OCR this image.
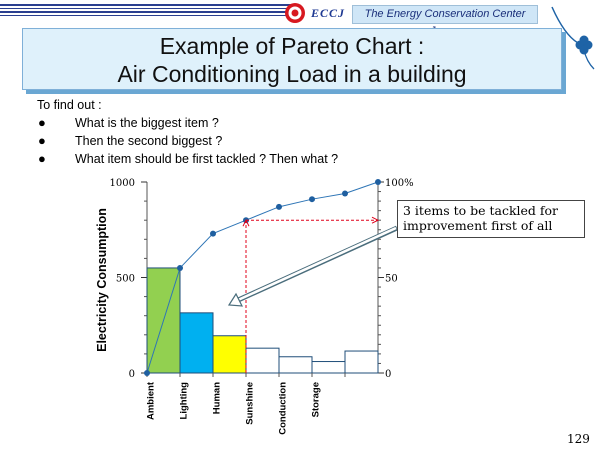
ECCJ	The Energy Conservation Center
Example of Pareto Chart :
Air Conditioning Load in a building
To find out :
● What is the biggest item ?
● Then the second biggest ?
● What item should be first tackled ? Then what ?
Electricity Consumption
0
500
1000
0
50
100%
Ambient Lighting Human Sunshine Conduction Storage
3 items to be tackled for improvement first of all
129
